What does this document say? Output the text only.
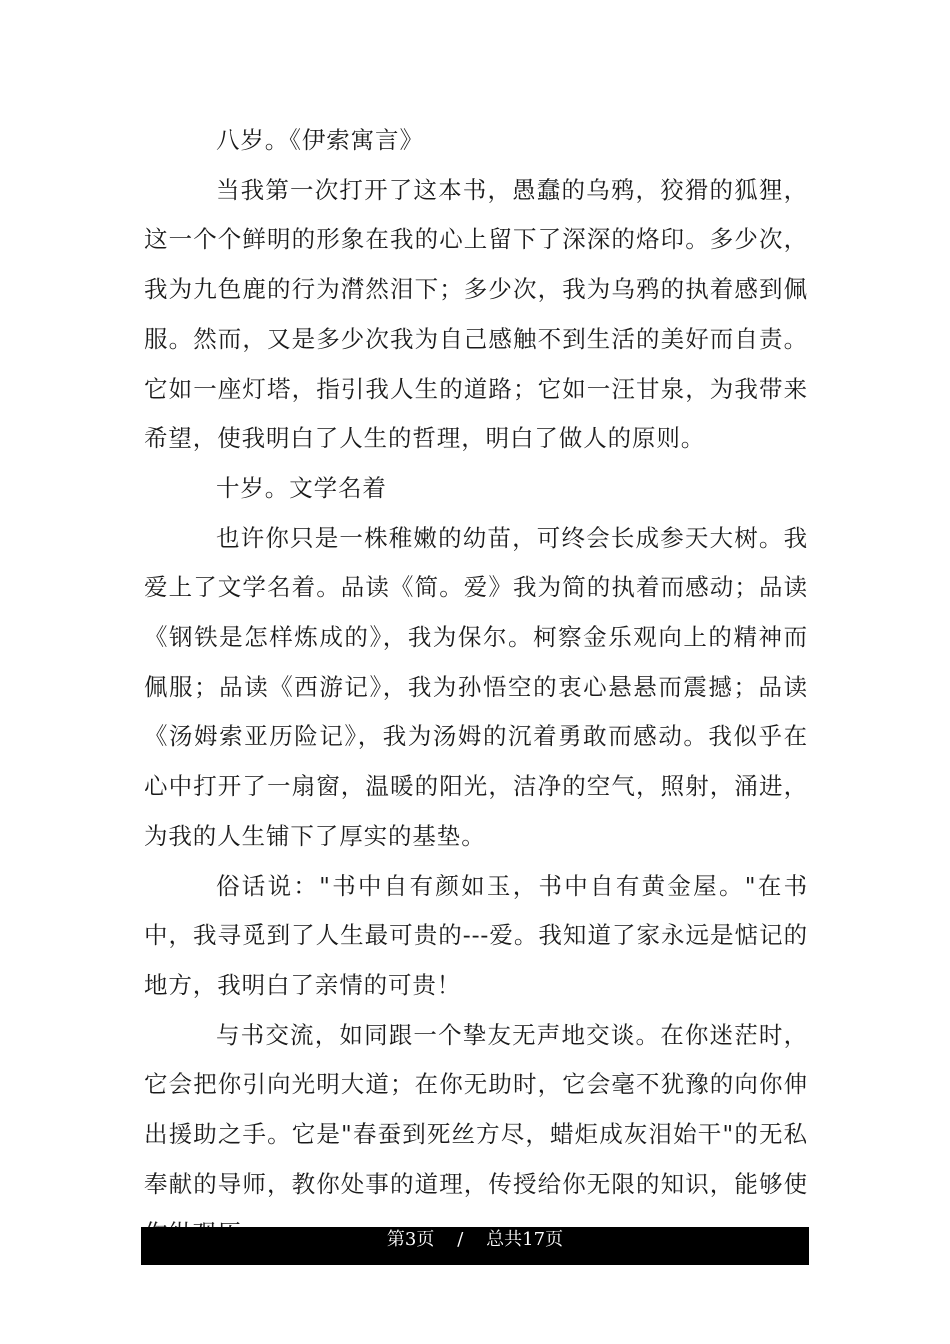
八岁。《伊索寓言》

当我第一次打开了这本书，愚蠢的乌鸦，狡猾的狐狸，这一个个鲜明的形象在我的心上留下了深深的烙印。多少次，我为九色鹿的行为潸然泪下；多少次，我为乌鸦的执着感到佩服。然而，又是多少次我为自己感触不到生活的美好而自责。它如一座灯塔，指引我人生的道路；它如一汪甘泉，为我带来希望，使我明白了人生的哲理，明白了做人的原则。

十岁。文学名着

也许你只是一株稚嫩的幼苗，可终会长成参天大树。我爱上了文学名着。品读《简。爱》我为简的执着而感动；品读《钢铁是怎样炼成的》，我为保尔。柯察金乐观向上的精神而佩服；品读《西游记》，我为孙悟空的衷心悬悬而震撼；品读《汤姆索亚历险记》，我为汤姆的沉着勇敢而感动。我似乎在心中打开了一扇窗，温暖的阳光，洁净的空气，照射，涌进，为我的人生铺下了厚实的基垫。

俗话说："书中自有颜如玉，书中自有黄金屋。"在书中，我寻觅到了人生最可贵的---爱。我知道了家永远是惦记的地方，我明白了亲情的可贵！

与书交流，如同跟一个挚友无声地交谈。在你迷茫时，它会把你引向光明大道；在你无助时，它会毫不犹豫的向你伸出援助之手。它是"春蚕到死丝方尽，蜡炬成灰泪始干"的无私奉献的导师，教你处事的道理，传授给你无限的知识，能够使

第3页    /    总共17页
